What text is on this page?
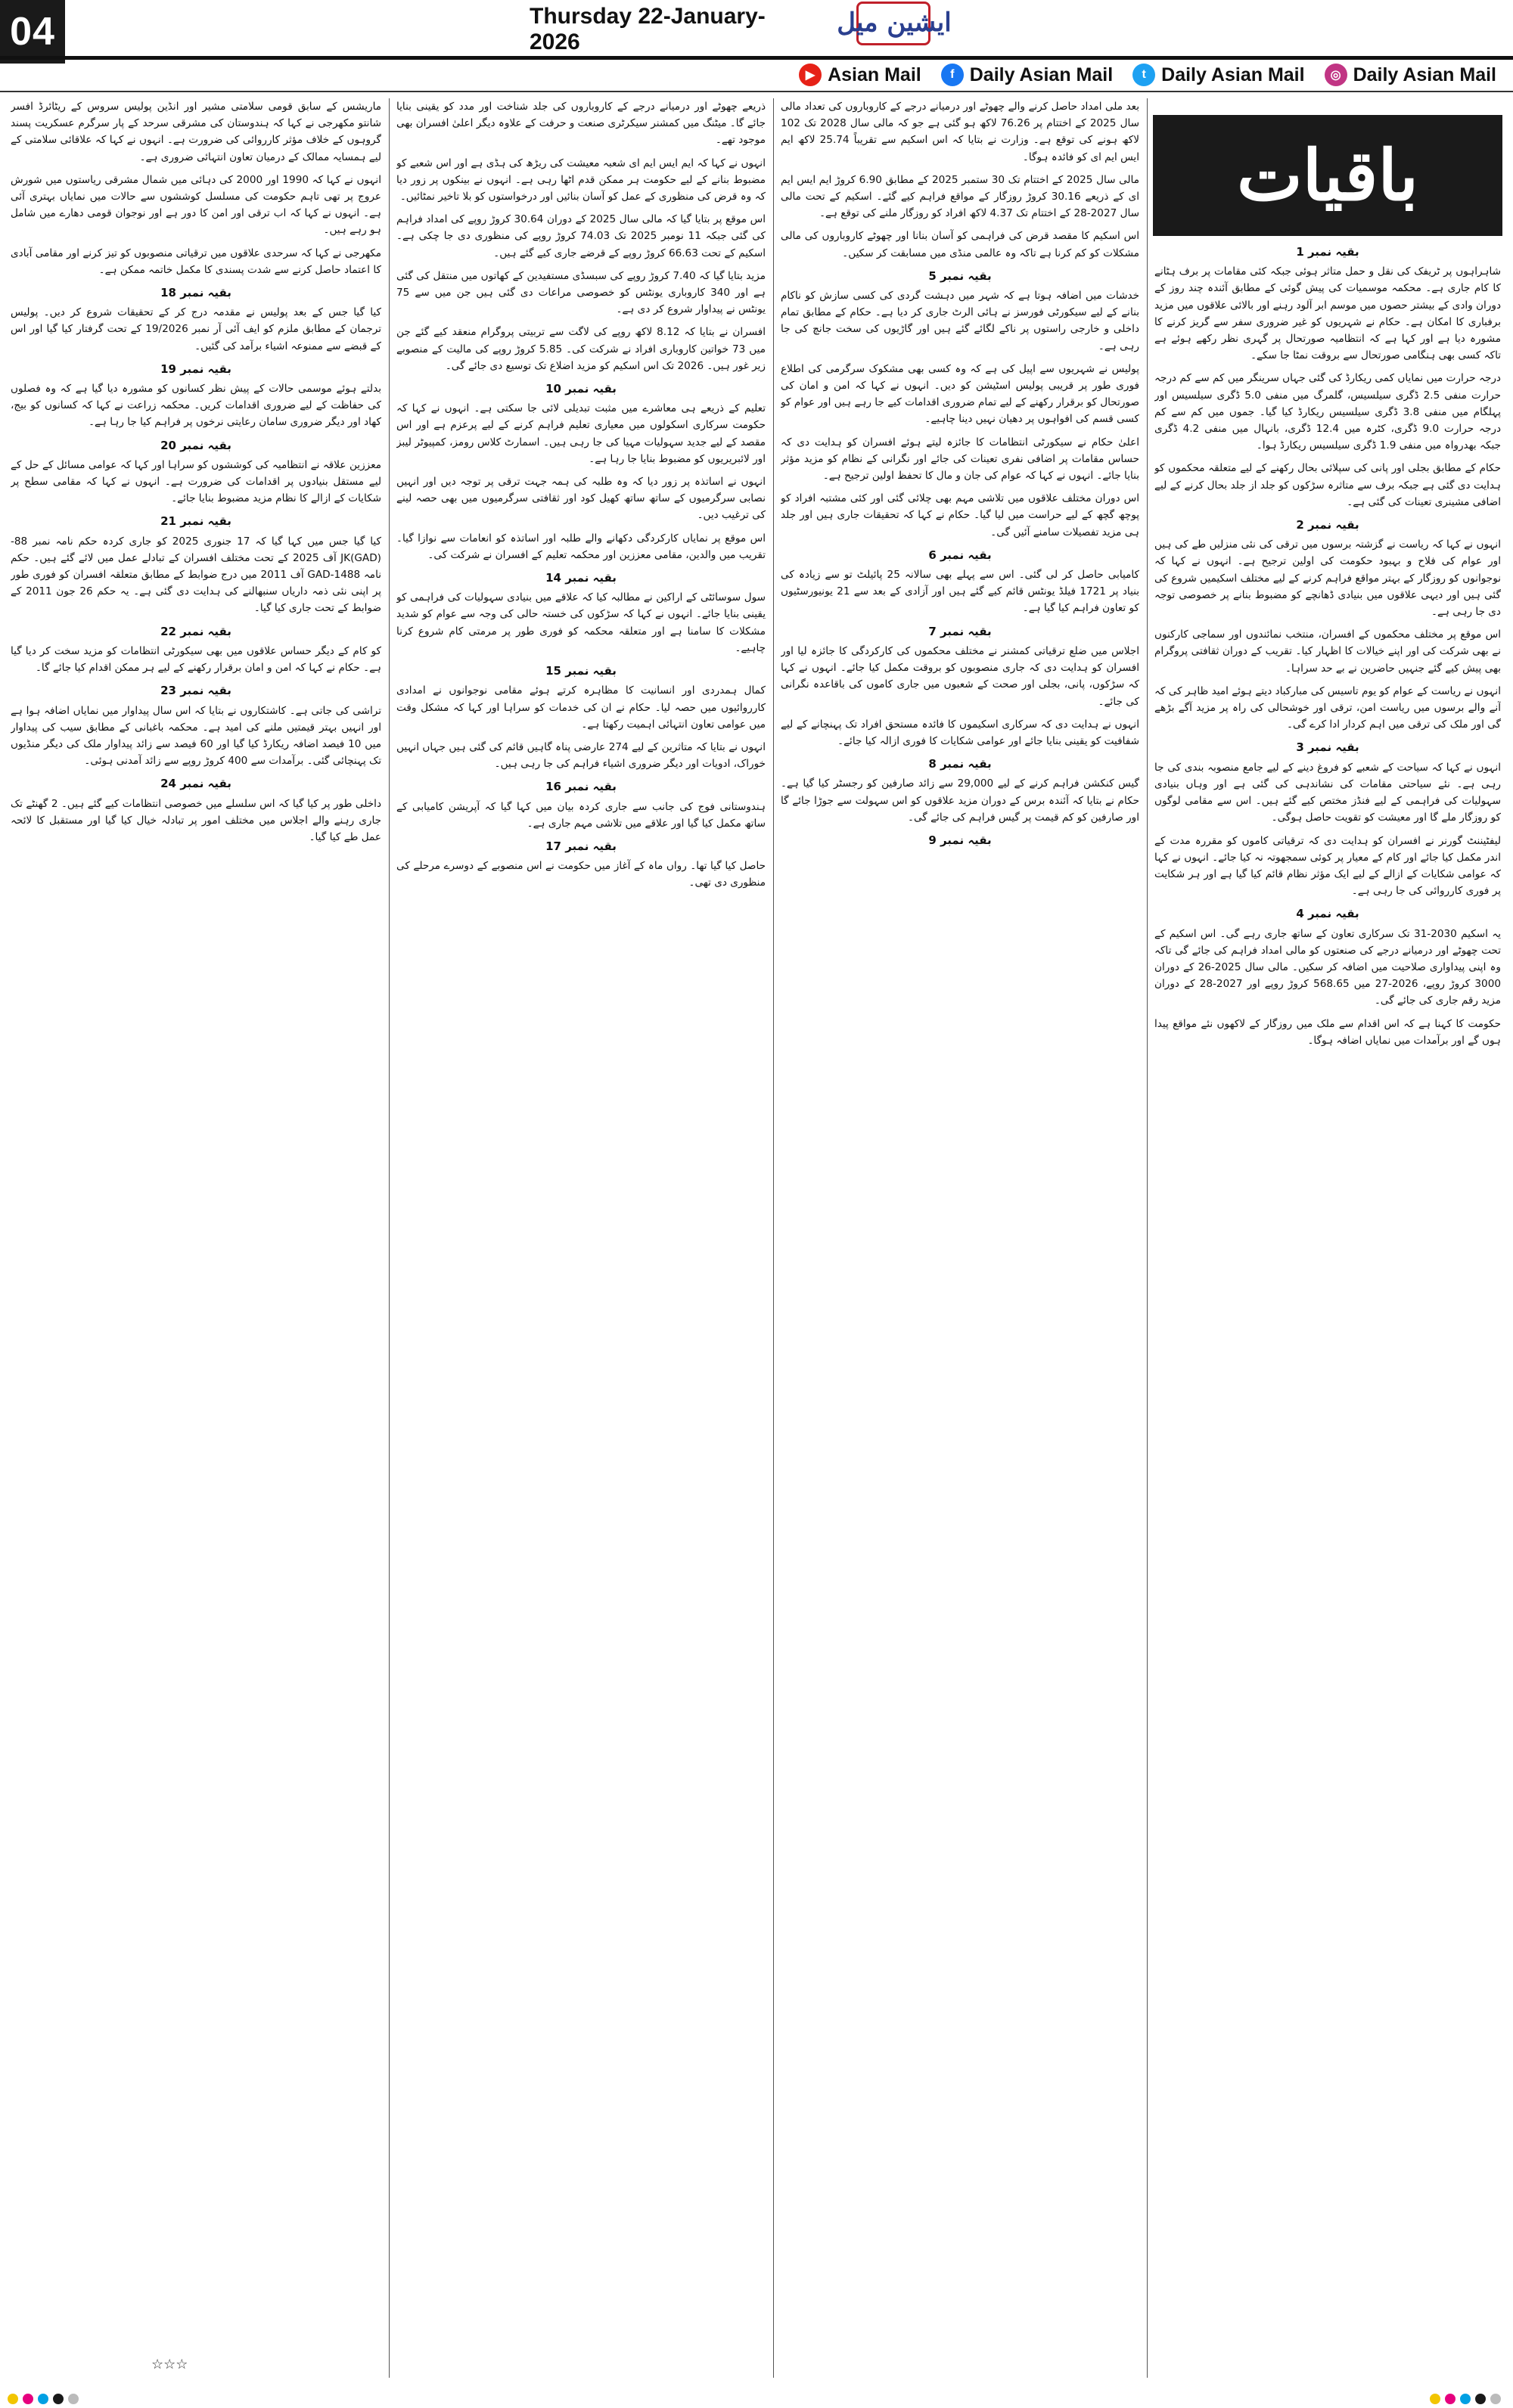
04	Thursday 22-January-2026
ایشین میل
▶ Asian Mail	f Daily Asian Mail	t Daily Asian Mail	◎ Daily Asian Mail
بقیہ نمبر 1

شاہراہوں پر ٹریفک کی نقل و حمل متاثر ہوئی جبکہ کئی مقامات پر برف ہٹانے کا کام جاری ہے۔ محکمہ موسمیات کی پیش گوئی کے مطابق آئندہ چند روز کے دوران وادی کے بیشتر حصوں میں موسم ابر آلود رہنے اور بالائی علاقوں میں مزید برفباری کا امکان ہے۔ حکام نے شہریوں کو غیر ضروری سفر سے گریز کرنے کا مشورہ دیا ہے اور کہا ہے کہ انتظامیہ صورتحال پر گہری نظر رکھے ہوئے ہے تاکہ کسی بھی ہنگامی صورتحال سے بروقت نمٹا جا سکے۔

درجہ حرارت میں نمایاں کمی ریکارڈ کی گئی جہاں سرینگر میں کم سے کم درجہ حرارت منفی 2.5 ڈگری سیلسیس، گلمرگ میں منفی 5.0 ڈگری سیلسیس اور پہلگام میں منفی 3.8 ڈگری سیلسیس ریکارڈ کیا گیا۔ جموں میں کم سے کم درجہ حرارت 9.0 ڈگری، کٹرہ میں 12.4 ڈگری، بانہال میں منفی 4.2 ڈگری جبکہ بھدرواہ میں منفی 1.9 ڈگری سیلسیس ریکارڈ ہوا۔

حکام کے مطابق بجلی اور پانی کی سپلائی بحال رکھنے کے لیے متعلقہ محکموں کو ہدایت دی گئی ہے جبکہ برف سے متاثرہ سڑکوں کو جلد از جلد بحال کرنے کے لیے اضافی مشینری تعینات کی گئی ہے۔

بقیہ نمبر 2

انہوں نے کہا کہ ریاست نے گزشتہ برسوں میں ترقی کی نئی منزلیں طے کی ہیں اور عوام کی فلاح و بہبود حکومت کی اولین ترجیح ہے۔ انہوں نے کہا کہ نوجوانوں کو روزگار کے بہتر مواقع فراہم کرنے کے لیے مختلف اسکیمیں شروع کی گئی ہیں اور دیہی علاقوں میں بنیادی ڈھانچے کو مضبوط بنانے پر خصوصی توجہ دی جا رہی ہے۔

اس موقع پر مختلف محکموں کے افسران، منتخب نمائندوں اور سماجی کارکنوں نے بھی شرکت کی اور اپنے خیالات کا اظہار کیا۔ تقریب کے دوران ثقافتی پروگرام بھی پیش کیے گئے جنہیں حاضرین نے بے حد سراہا۔

انہوں نے ریاست کے عوام کو یوم تاسیس کی مبارکباد دیتے ہوئے امید ظاہر کی کہ آنے والے برسوں میں ریاست امن، ترقی اور خوشحالی کی راہ پر مزید آگے بڑھے گی اور ملک کی ترقی میں اہم کردار ادا کرے گی۔

بقیہ نمبر 3

انہوں نے کہا کہ سیاحت کے شعبے کو فروغ دینے کے لیے جامع منصوبہ بندی کی جا رہی ہے۔ نئے سیاحتی مقامات کی نشاندہی کی گئی ہے اور وہاں بنیادی سہولیات کی فراہمی کے لیے فنڈز مختص کیے گئے ہیں۔ اس سے مقامی لوگوں کو روزگار ملے گا اور معیشت کو تقویت حاصل ہوگی۔

لیفٹیننٹ گورنر نے افسران کو ہدایت دی کہ ترقیاتی کاموں کو مقررہ مدت کے اندر مکمل کیا جائے اور کام کے معیار پر کوئی سمجھوتہ نہ کیا جائے۔ انہوں نے کہا کہ عوامی شکایات کے ازالے کے لیے ایک مؤثر نظام قائم کیا گیا ہے اور ہر شکایت پر فوری کارروائی کی جا رہی ہے۔

بقیہ نمبر 4

یہ اسکیم 2030-31 تک سرکاری تعاون کے ساتھ جاری رہے گی۔ اس اسکیم کے تحت چھوٹے اور درمیانے درجے کی صنعتوں کو مالی امداد فراہم کی جائے گی تاکہ وہ اپنی پیداواری صلاحیت میں اضافہ کر سکیں۔ مالی سال 2025-26 کے دوران 3000 کروڑ روپے، 2026-27 میں 568.65 کروڑ روپے اور 2027-28 کے دوران مزید رقم جاری کی جائے گی۔

حکومت کا کہنا ہے کہ اس اقدام سے ملک میں روزگار کے لاکھوں نئے مواقع پیدا ہوں گے اور برآمدات میں نمایاں اضافہ ہوگا۔

باقیات

بعد ملی امداد حاصل کرنے والے چھوٹے اور درمیانے درجے کے کاروباروں کی تعداد مالی سال 2025 کے اختتام پر 76.26 لاکھ ہو گئی ہے جو کہ مالی سال 2028 تک 102 لاکھ ہونے کی توقع ہے۔ وزارت نے بتایا کہ اس اسکیم سے تقریباً 25.74 لاکھ ایم ایس ایم ای کو فائدہ ہوگا۔

مالی سال 2025 کے اختتام تک 30 ستمبر 2025 کے مطابق 6.90 کروڑ ایم ایس ایم ای کے ذریعے 30.16 کروڑ روزگار کے مواقع فراہم کیے گئے۔ اسکیم کے تحت مالی سال 2027-28 کے اختتام تک 4.37 لاکھ افراد کو روزگار ملنے کی توقع ہے۔

اس اسکیم کا مقصد قرض کی فراہمی کو آسان بنانا اور چھوٹے کاروباروں کی مالی مشکلات کو کم کرنا ہے تاکہ وہ عالمی منڈی میں مسابقت کر سکیں۔

بقیہ نمبر 5

خدشات میں اضافہ ہوتا ہے کہ شہر میں دہشت گردی کی کسی سازش کو ناکام بنانے کے لیے سیکورٹی فورسز نے ہائی الرٹ جاری کر دیا ہے۔ حکام کے مطابق تمام داخلی و خارجی راستوں پر ناکے لگائے گئے ہیں اور گاڑیوں کی سخت جانچ کی جا رہی ہے۔

پولیس نے شہریوں سے اپیل کی ہے کہ وہ کسی بھی مشکوک سرگرمی کی اطلاع فوری طور پر قریبی پولیس اسٹیشن کو دیں۔ انہوں نے کہا کہ امن و امان کی صورتحال کو برقرار رکھنے کے لیے تمام ضروری اقدامات کیے جا رہے ہیں اور عوام کو کسی قسم کی افواہوں پر دھیان نہیں دینا چاہیے۔

اعلیٰ حکام نے سیکورٹی انتظامات کا جائزہ لیتے ہوئے افسران کو ہدایت دی کہ حساس مقامات پر اضافی نفری تعینات کی جائے اور نگرانی کے نظام کو مزید مؤثر بنایا جائے۔ انہوں نے کہا کہ عوام کی جان و مال کا تحفظ اولین ترجیح ہے۔

اس دوران مختلف علاقوں میں تلاشی مہم بھی چلائی گئی اور کئی مشتبہ افراد کو پوچھ گچھ کے لیے حراست میں لیا گیا۔ حکام نے کہا کہ تحقیقات جاری ہیں اور جلد ہی مزید تفصیلات سامنے آئیں گی۔

بقیہ نمبر 6

کامیابی حاصل کر لی گئی۔ اس سے پہلے بھی سالانہ 25 پائیلٹ تو سے زیادہ کی بنیاد پر 1721 فیلڈ یونٹس قائم کیے گئے ہیں اور آزادی کے بعد سے 21 یونیورسٹیوں کو تعاون فراہم کیا گیا ہے۔

بقیہ نمبر 7

اجلاس میں ضلع ترقیاتی کمشنر نے مختلف محکموں کی کارکردگی کا جائزہ لیا اور افسران کو ہدایت دی کہ جاری منصوبوں کو بروقت مکمل کیا جائے۔ انہوں نے کہا کہ سڑکوں، پانی، بجلی اور صحت کے شعبوں میں جاری کاموں کی باقاعدہ نگرانی کی جائے۔

انہوں نے ہدایت دی کہ سرکاری اسکیموں کا فائدہ مستحق افراد تک پہنچانے کے لیے شفافیت کو یقینی بنایا جائے اور عوامی شکایات کا فوری ازالہ کیا جائے۔

بقیہ نمبر 8

گیس کنکشن فراہم کرنے کے لیے 29,000 سے زائد صارفین کو رجسٹر کیا گیا ہے۔ حکام نے بتایا کہ آئندہ برس کے دوران مزید علاقوں کو اس سہولت سے جوڑا جائے گا اور صارفین کو کم قیمت پر گیس فراہم کی جائے گی۔

بقیہ نمبر 9

ذریعے چھوٹے اور درمیانے درجے کے کاروباروں کی جلد شناخت اور مدد کو یقینی بنایا جائے گا۔ میٹنگ میں کمشنر سیکرٹری صنعت و حرفت کے علاوہ دیگر اعلیٰ افسران بھی موجود تھے۔

انہوں نے کہا کہ ایم ایس ایم ای شعبہ معیشت کی ریڑھ کی ہڈی ہے اور اس شعبے کو مضبوط بنانے کے لیے حکومت ہر ممکن قدم اٹھا رہی ہے۔ انہوں نے بینکوں پر زور دیا کہ وہ قرض کی منظوری کے عمل کو آسان بنائیں اور درخواستوں کو بلا تاخیر نمٹائیں۔

اس موقع پر بتایا گیا کہ مالی سال 2025 کے دوران 30.64 کروڑ روپے کی امداد فراہم کی گئی جبکہ 11 نومبر 2025 تک 74.03 کروڑ روپے کی منظوری دی جا چکی ہے۔ اسکیم کے تحت 66.63 کروڑ روپے کے قرضے جاری کیے گئے ہیں۔

مزید بتایا گیا کہ 7.40 کروڑ روپے کی سبسڈی مستفیدین کے کھاتوں میں منتقل کی گئی ہے اور 340 کاروباری یونٹس کو خصوصی مراعات دی گئی ہیں جن میں سے 75 یونٹس نے پیداوار شروع کر دی ہے۔

افسران نے بتایا کہ 8.12 لاکھ روپے کی لاگت سے تربیتی پروگرام منعقد کیے گئے جن میں 73 خواتین کاروباری افراد نے شرکت کی۔ 5.85 کروڑ روپے کی مالیت کے منصوبے زیر غور ہیں۔ 2026 تک اس اسکیم کو مزید اضلاع تک توسیع دی جائے گی۔

بقیہ نمبر 10

تعلیم کے ذریعے ہی معاشرے میں مثبت تبدیلی لائی جا سکتی ہے۔ انہوں نے کہا کہ حکومت سرکاری اسکولوں میں معیاری تعلیم فراہم کرنے کے لیے پرعزم ہے اور اس مقصد کے لیے جدید سہولیات مہیا کی جا رہی ہیں۔ اسمارٹ کلاس رومز، کمپیوٹر لیبز اور لائبریریوں کو مضبوط بنایا جا رہا ہے۔

انہوں نے اساتذہ پر زور دیا کہ وہ طلبہ کی ہمہ جہت ترقی پر توجہ دیں اور انہیں نصابی سرگرمیوں کے ساتھ ساتھ کھیل کود اور ثقافتی سرگرمیوں میں بھی حصہ لینے کی ترغیب دیں۔

اس موقع پر نمایاں کارکردگی دکھانے والے طلبہ اور اساتذہ کو انعامات سے نوازا گیا۔ تقریب میں والدین، مقامی معززین اور محکمہ تعلیم کے افسران نے شرکت کی۔

بقیہ نمبر 14

سول سوسائٹی کے اراکین نے مطالبہ کیا کہ علاقے میں بنیادی سہولیات کی فراہمی کو یقینی بنایا جائے۔ انہوں نے کہا کہ سڑکوں کی خستہ حالی کی وجہ سے عوام کو شدید مشکلات کا سامنا ہے اور متعلقہ محکمہ کو فوری طور پر مرمتی کام شروع کرنا چاہیے۔

بقیہ نمبر 15

کمال ہمدردی اور انسانیت کا مظاہرہ کرتے ہوئے مقامی نوجوانوں نے امدادی کارروائیوں میں حصہ لیا۔ حکام نے ان کی خدمات کو سراہا اور کہا کہ مشکل وقت میں عوامی تعاون انتہائی اہمیت رکھتا ہے۔

انہوں نے بتایا کہ متاثرین کے لیے 274 عارضی پناہ گاہیں قائم کی گئی ہیں جہاں انہیں خوراک، ادویات اور دیگر ضروری اشیاء فراہم کی جا رہی ہیں۔

بقیہ نمبر 16

ہندوستانی فوج کی جانب سے جاری کردہ بیان میں کہا گیا کہ آپریشن کامیابی کے ساتھ مکمل کیا گیا اور علاقے میں تلاشی مہم جاری ہے۔

بقیہ نمبر 17

حاصل کیا گیا تھا۔ رواں ماہ کے آغاز میں حکومت نے اس منصوبے کے دوسرے مرحلے کی منظوری دی تھی۔

ماریشس کے سابق قومی سلامتی مشیر اور انڈین پولیس سروس کے ریٹائرڈ افسر شانتو مکھرجی نے کہا کہ ہندوستان کی مشرقی سرحد کے پار سرگرم عسکریت پسند گروہوں کے خلاف مؤثر کارروائی کی ضرورت ہے۔ انہوں نے کہا کہ علاقائی سلامتی کے لیے ہمسایہ ممالک کے درمیان تعاون انتہائی ضروری ہے۔

انہوں نے کہا کہ 1990 اور 2000 کی دہائی میں شمال مشرقی ریاستوں میں شورش عروج پر تھی تاہم حکومت کی مسلسل کوششوں سے حالات میں نمایاں بہتری آئی ہے۔ انہوں نے کہا کہ اب ترقی اور امن کا دور ہے اور نوجوان قومی دھارے میں شامل ہو رہے ہیں۔

مکھرجی نے کہا کہ سرحدی علاقوں میں ترقیاتی منصوبوں کو تیز کرنے اور مقامی آبادی کا اعتماد حاصل کرنے سے شدت پسندی کا مکمل خاتمہ ممکن ہے۔

بقیہ نمبر 18

کیا گیا جس کے بعد پولیس نے مقدمہ درج کر کے تحقیقات شروع کر دیں۔ پولیس ترجمان کے مطابق ملزم کو ایف آئی آر نمبر 19/2026 کے تحت گرفتار کیا گیا اور اس کے قبضے سے ممنوعہ اشیاء برآمد کی گئیں۔

بقیہ نمبر 19

بدلتے ہوئے موسمی حالات کے پیش نظر کسانوں کو مشورہ دیا گیا ہے کہ وہ فصلوں کی حفاظت کے لیے ضروری اقدامات کریں۔ محکمہ زراعت نے کہا کہ کسانوں کو بیج، کھاد اور دیگر ضروری سامان رعایتی نرخوں پر فراہم کیا جا رہا ہے۔

بقیہ نمبر 20

معززین علاقہ نے انتظامیہ کی کوششوں کو سراہا اور کہا کہ عوامی مسائل کے حل کے لیے مستقل بنیادوں پر اقدامات کی ضرورت ہے۔ انہوں نے کہا کہ مقامی سطح پر شکایات کے ازالے کا نظام مزید مضبوط بنایا جائے۔

بقیہ نمبر 21

کیا گیا جس میں کہا گیا کہ 17 جنوری 2025 کو جاری کردہ حکم نامہ نمبر 88-JK(GAD) آف 2025 کے تحت مختلف افسران کے تبادلے عمل میں لائے گئے ہیں۔ حکم نامہ 1488-GAD آف 2011 میں درج ضوابط کے مطابق متعلقہ افسران کو فوری طور پر اپنی نئی ذمہ داریاں سنبھالنے کی ہدایت دی گئی ہے۔ یہ حکم 26 جون 2011 کے ضوابط کے تحت جاری کیا گیا۔

بقیہ نمبر 22

کو کام کے دیگر حساس علاقوں میں بھی سیکورٹی انتظامات کو مزید سخت کر دیا گیا ہے۔ حکام نے کہا کہ امن و امان برقرار رکھنے کے لیے ہر ممکن اقدام کیا جائے گا۔

بقیہ نمبر 23

تراشی کی جاتی ہے۔ کاشتکاروں نے بتایا کہ اس سال پیداوار میں نمایاں اضافہ ہوا ہے اور انہیں بہتر قیمتیں ملنے کی امید ہے۔ محکمہ باغبانی کے مطابق سیب کی پیداوار میں 10 فیصد اضافہ ریکارڈ کیا گیا اور 60 فیصد سے زائد پیداوار ملک کی دیگر منڈیوں تک پہنچائی گئی۔ برآمدات سے 400 کروڑ روپے سے زائد آمدنی ہوئی۔

بقیہ نمبر 24

داخلی طور پر کیا گیا کہ اس سلسلے میں خصوصی انتظامات کیے گئے ہیں۔ 2 گھنٹے تک جاری رہنے والے اجلاس میں مختلف امور پر تبادلہ خیال کیا گیا اور مستقبل کا لائحہ عمل طے کیا گیا۔

☆☆☆
